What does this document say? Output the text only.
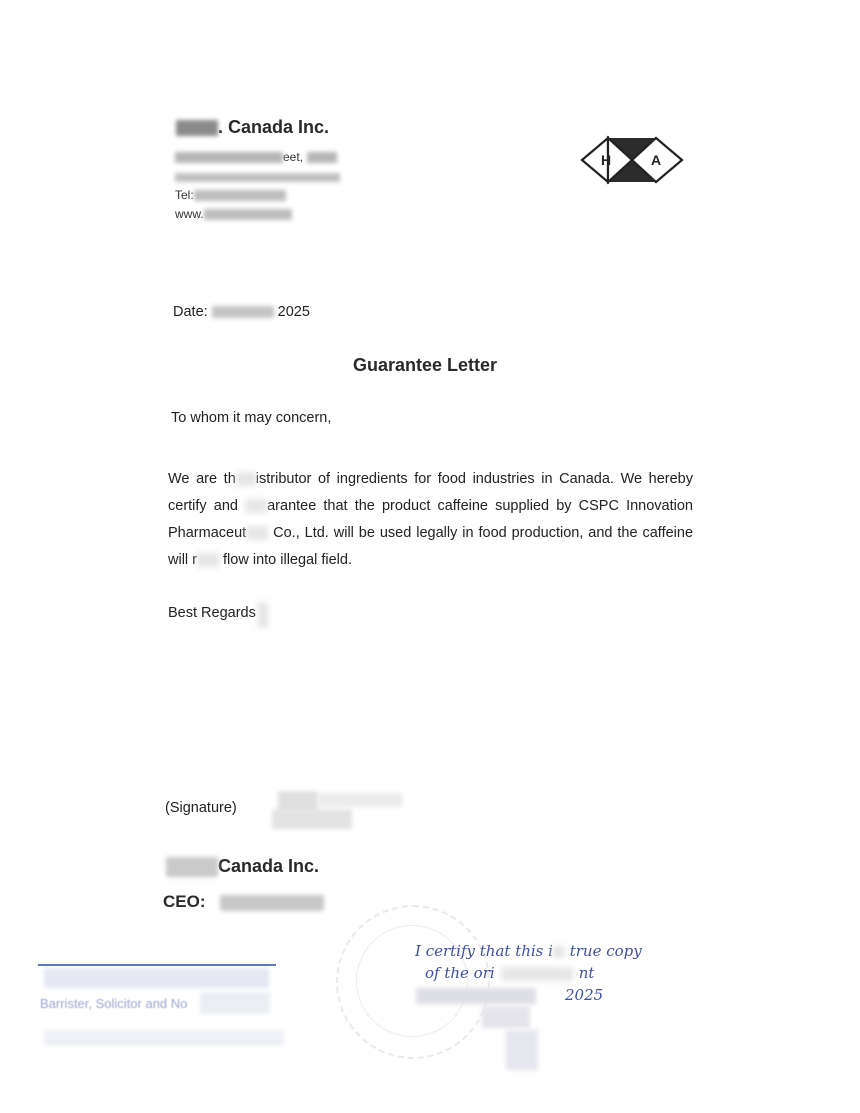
. Canada Inc.
eet,
Tel:
www.
H	A
Date:	2025
Guarantee Letter
To whom it may concern,
We are th istributor of ingredients for food industries in Canada. We hereby certify and arantee that the product caffeine supplied by CSPC Innovation Pharmaceut Co., Ltd. will be used legally in food production, and the caffeine will r flow into illegal field.
Best Regards
(Signature)
Canada Inc.
CEO:
I certify that this i true copy
of the ori	nt
2025
Barrister, Solicitor and No
